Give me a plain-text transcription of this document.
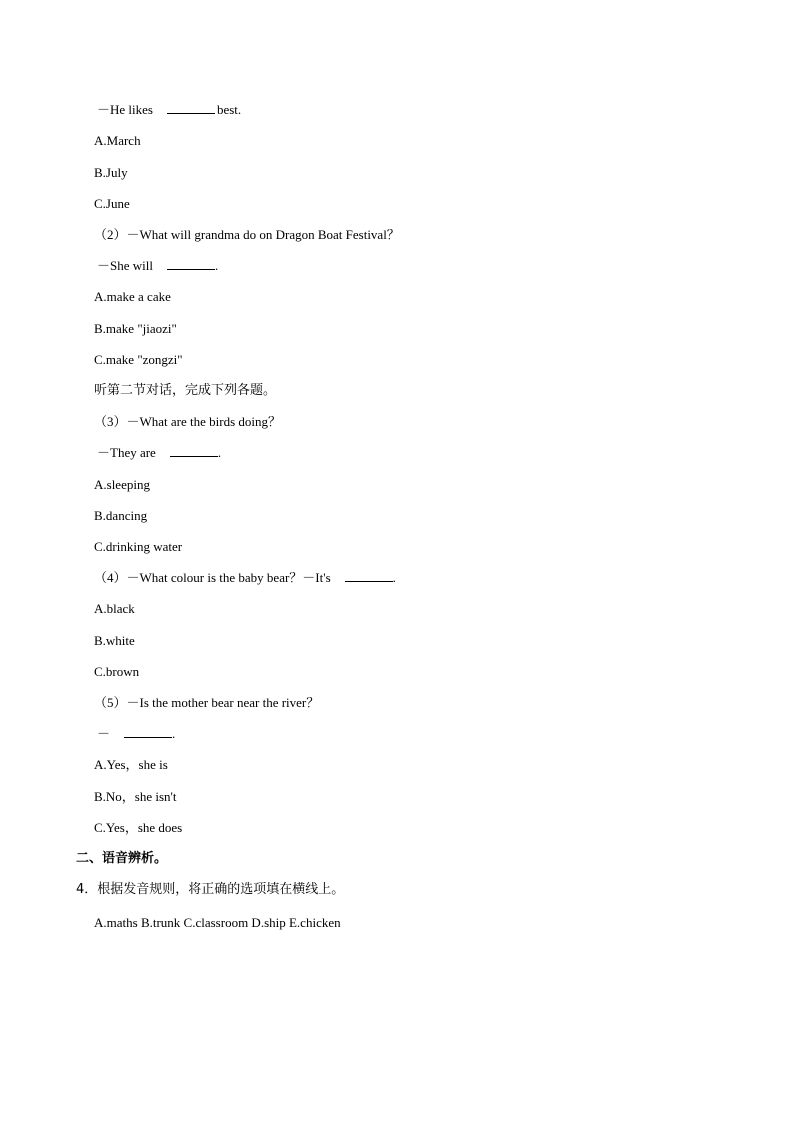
－He likes	best.
A.March
B.July
C.June
（2）－What will grandma do on Dragon Boat Festival？
－She will	.
A.make a cake
B.make "jiaozi"
C.make "zongzi"
听第二节对话，完成下列各题。
（3）－What are the birds doing？
－They are	.
A.sleeping
B.dancing
C.drinking water
（4）－What colour is the baby bear？－It's	.
A.black
B.white
C.brown
（5）－Is the mother bear near the river？
－	.
A.Yes，she is
B.No，she isn't
C.Yes，she does
二、语音辨析。
4．根据发音规则，将正确的选项填在横线上。
A.maths B.trunk C.classroom D.ship E.chicken
